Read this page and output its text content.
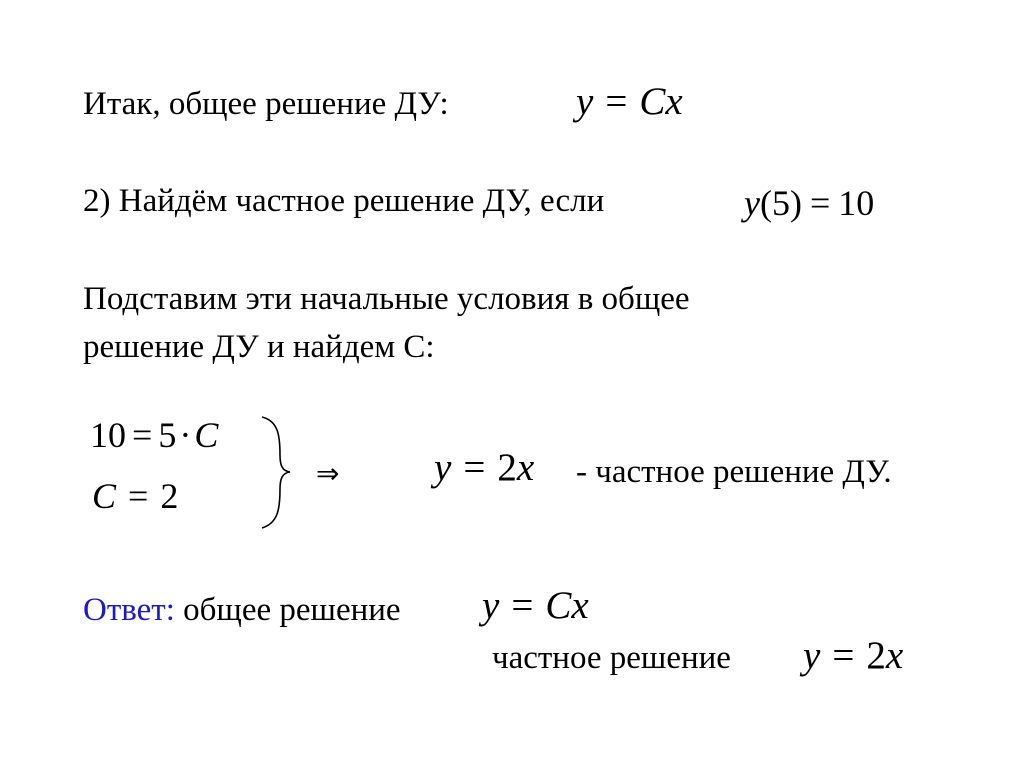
Итак, общее решение ДУ:	y = Cx
2) Найдём частное решение ДУ, если	y(5) = 10
Подставим эти начальные условия в общее
решение ДУ и найдем С:
10 = 5·C
C = 2
⇒ y = 2x - частное решение ДУ.
Ответ: общее решение y = Cx
частное решение y = 2x
